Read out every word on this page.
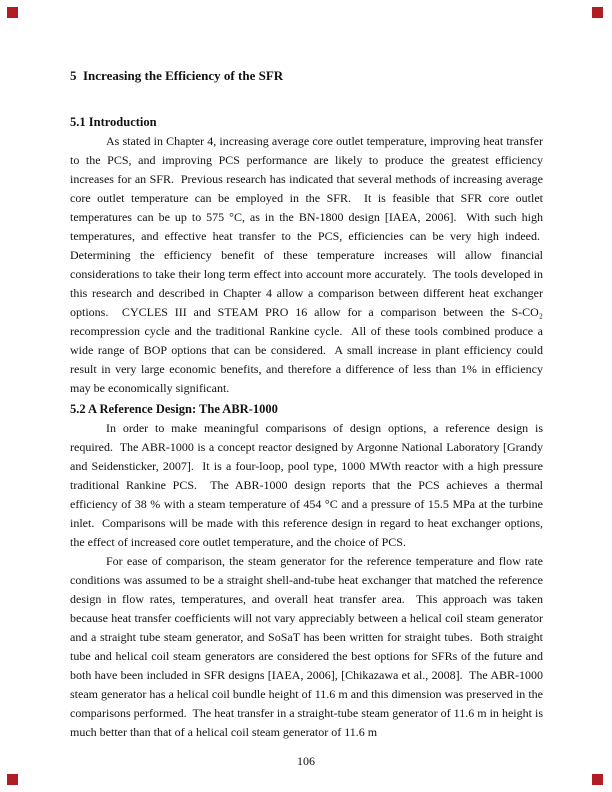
5  Increasing the Efficiency of the SFR
5.1 Introduction

As stated in Chapter 4, increasing average core outlet temperature, improving heat transfer to the PCS, and improving PCS performance are likely to produce the greatest efficiency increases for an SFR.  Previous research has indicated that several methods of increasing average core outlet temperature can be employed in the SFR.  It is feasible that SFR core outlet temperatures can be up to 575 °C, as in the BN-1800 design [IAEA, 2006].  With such high temperatures, and effective heat transfer to the PCS, efficiencies can be very high indeed.  Determining the efficiency benefit of these temperature increases will allow financial considerations to take their long term effect into account more accurately.  The tools developed in this research and described in Chapter 4 allow a comparison between different heat exchanger options.  CYCLES III and STEAM PRO 16 allow for a comparison between the S-CO₂ recompression cycle and the traditional Rankine cycle.  All of these tools combined produce a wide range of BOP options that can be considered.  A small increase in plant efficiency could result in very large economic benefits, and therefore a difference of less than 1% in efficiency may be economically significant.

5.2 A Reference Design: The ABR-1000

In order to make meaningful comparisons of design options, a reference design is required.  The ABR-1000 is a concept reactor designed by Argonne National Laboratory [Grandy and Seidensticker, 2007].  It is a four-loop, pool type, 1000 MWth reactor with a high pressure traditional Rankine PCS.  The ABR-1000 design reports that the PCS achieves a thermal efficiency of 38 % with a steam temperature of 454 °C and a pressure of 15.5 MPa at the turbine inlet.  Comparisons will be made with this reference design in regard to heat exchanger options, the effect of increased core outlet temperature, and the choice of PCS.

For ease of comparison, the steam generator for the reference temperature and flow rate conditions was assumed to be a straight shell-and-tube heat exchanger that matched the reference design in flow rates, temperatures, and overall heat transfer area.  This approach was taken because heat transfer coefficients will not vary appreciably between a helical coil steam generator and a straight tube steam generator, and SoSaT has been written for straight tubes.  Both straight tube and helical coil steam generators are considered the best options for SFRs of the future and both have been included in SFR designs [IAEA, 2006], [Chikazawa et al., 2008].  The ABR-1000 steam generator has a helical coil bundle height of 11.6 m and this dimension was preserved in the comparisons performed.  The heat transfer in a straight-tube steam generator of 11.6 m in height is much better than that of a helical coil steam generator of 11.6 m

106
